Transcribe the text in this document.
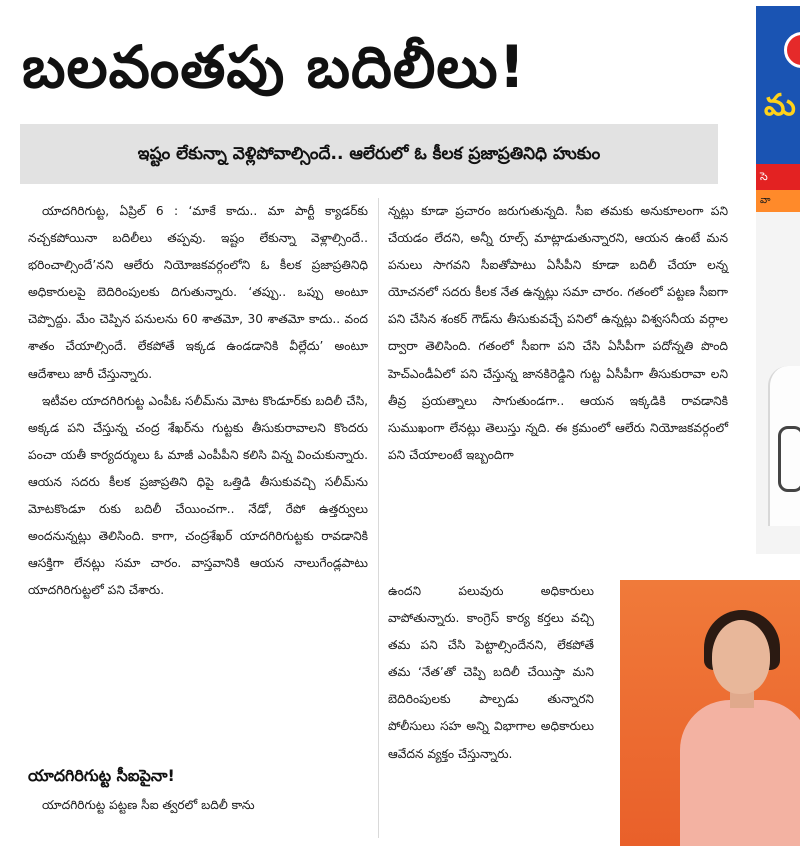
బలవంతపు బదిలీలు!
ఇష్టం లేకున్నా వెళ్లిపోవాల్సిందే.. ఆలేరులో ఓ కీలక ప్రజాప్రతినిధి హుకుం

యాదగిరిగుట్ట, ఏప్రిల్ 6 : ‘మాకే కాదు.. మా పార్టీ క్యాడర్‌కు నచ్చకపోయినా బదిలీలు తప్పవు. ఇష్టం లేకున్నా వెళ్లాల్సిందే.. భరించాల్సిందే’నని ఆలేరు నియోజకవర్గంలోని ఓ కీలక ప్రజాప్రతినిధి అధికారులపై బెదిరింపులకు దిగుతున్నారు. ‘తప్పు.. ఒప్పు అంటూ చెప్పొద్దు. మేం చెప్పిన పనులను 60 శాతమో, 30 శాతమో కాదు.. వంద శాతం చేయాల్సిందే. లేకపోతే ఇక్కడ ఉండడానికి వీల్లేదు’ అంటూ ఆదేశాలు జారీ చేస్తున్నారు.

ఇటీవల యాదగిరిగుట్ట ఎంపీఓ సలీమ్‌ను మోట కొండూర్‌కు బదిలీ చేసి, అక్కడ పని చేస్తున్న చంద్ర శేఖర్‌ను గుట్టకు తీసుకురావాలని కొందరు పంచా యతీ కార్యదర్శులు ఓ మాజీ ఎంపీపీని కలిసి విన్న వించుకున్నారు. ఆయన సదరు కీలక ప్రజాప్రతిని ధిపై ఒత్తిడి తీసుకువచ్చి సలీమ్‌ను మోటకొండూ రుకు బదిలీ చేయించగా.. నేడో, రేపో ఉత్తర్వులు అందనున్నట్లు తెలిసింది. కాగా, చంద్రశేఖర్ యాదగిరిగుట్టకు రావడానికి ఆసక్తిగా లేనట్లు సమా చారం. వాస్తవానికి ఆయన నాలుగేండ్లపాటు యాదగిరిగుట్టలో పని చేశారు.

యాదగిరిగుట్ట సీఐపైనా!
యాదగిరిగుట్ట పట్టణ సీఐ త్వరలో బదిలీ కాను

న్నట్లు కూడా ప్రచారం జరుగుతున్నది. సీఐ తమకు అనుకూలంగా పని చేయడం లేదని, అన్నీ రూల్స్ మాట్లాడుతున్నారని, ఆయన ఉంటే మన పనులు సాగవని సీఐతోపాటు ఏసీపీని కూడా బదిలీ చేయా లన్న యోచనలో సదరు కీలక నేత ఉన్నట్లు సమా చారం. గతంలో పట్టణ సీఐగా పని చేసిన శంకర్ గౌడ్‌ను తీసుకువచ్చే పనిలో ఉన్నట్లు విశ్వసనీయ వర్గాల ద్వారా తెలిసింది. గతంలో సీఐగా పని చేసి ఏసీపీగా పదోన్నతి పొంది హెచ్‌ఎండీఏలో పని చేస్తున్న జానకిరెడ్డిని గుట్ట ఏసీపీగా తీసుకురావా లని తీవ్ర ప్రయత్నాలు సాగుతుండగా.. ఆయన ఇక్కడికి రావడానికి సుముఖంగా లేనట్లు తెలుస్తు న్నది. ఈ క్రమంలో ఆలేరు నియోజకవర్గంలో పని చేయాలంటే ఇబ్బందిగా

ఉందని పలువురు అధికారులు వాపోతున్నారు. కాంగ్రెస్ కార్య కర్తలు వచ్చి తమ పని చేసి పెట్టాల్సిందేనని, లేకపోతే తమ ‘నేత’తో చెప్పి బదిలీ చేయిస్తా మని బెదిరింపులకు పాల్పడు తున్నారని పోలీసులు సహ అన్ని విభాగాల అధికారులు ఆవేదన వ్యక్తం చేస్తున్నారు.

మ
సె
వా
